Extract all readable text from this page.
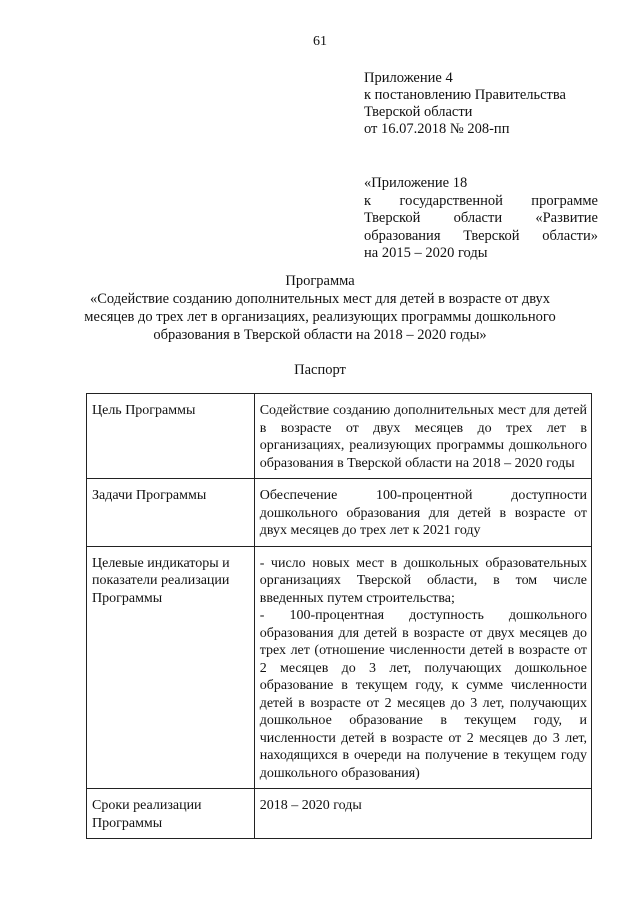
61
Приложение 4
к постановлению Правительства
Тверской области
от 16.07.2018 № 208-пп
«Приложение 18
к государственной программе
Тверской области «Развитие
образования Тверской области»
на 2015 – 2020 годы
Программа
«Содействие созданию дополнительных мест для детей в возрасте от двух
месяцев до трех лет в организациях, реализующих программы дошкольного
образования в Тверской области на 2018 – 2020 годы»
Паспорт
Цель Программы	Содействие созданию дополнительных мест для детей в возрасте от двух месяцев до трех лет в организациях, реализующих программы дошкольного образования в Тверской области на 2018 – 2020 годы
Задачи Программы	Обеспечение 100-процентной доступности дошкольного образования для детей в возрасте от двух месяцев до трех лет к 2021 году
Целевые индикаторы и показатели реализации Программы	- число новых мест в дошкольных образовательных организациях Тверской области, в том числе введенных путем строительства;
- 100-процентная доступность дошкольного образования для детей в возрасте от двух месяцев до трех лет (отношение численности детей в возрасте от 2 месяцев до 3 лет, получающих дошкольное образование в текущем году, к сумме численности детей в возрасте от 2 месяцев до 3 лет, получающих дошкольное образование в текущем году, и численности детей в возрасте от 2 месяцев до 3 лет, находящихся в очереди на получение в текущем году дошкольного образования)

Сроки реализации Программы	2018 – 2020 годы
